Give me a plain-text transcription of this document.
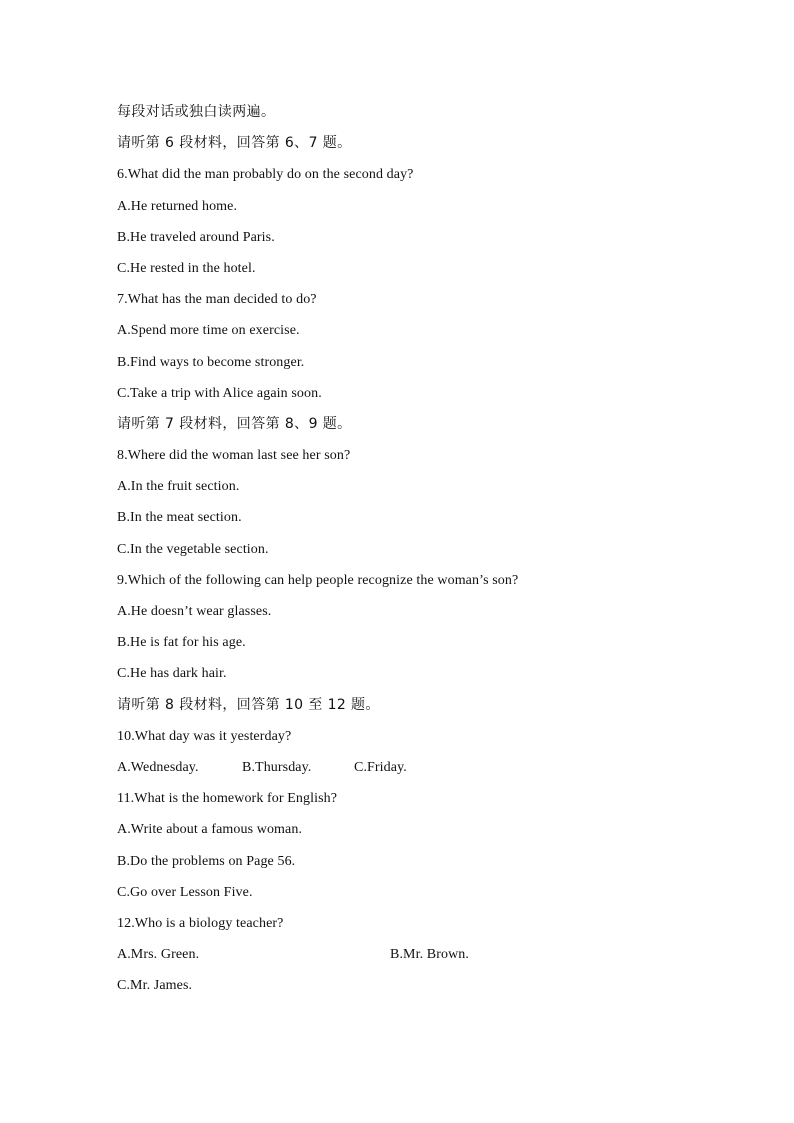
每段对话或独白读两遍。
请听第 6 段材料，回答第 6、7 题。
6.What did the man probably do on the second day?
A.He returned home.
B.He traveled around Paris.
C.He rested in the hotel.
7.What has the man decided to do?
A.Spend more time on exercise.
B.Find ways to become stronger.
C.Take a trip with Alice again soon.
请听第 7 段材料，回答第 8、9 题。
8.Where did the woman last see her son?
A.In the fruit section.
B.In the meat section.
C.In the vegetable section.
9.Which of the following can help people recognize the woman’s son?
A.He doesn’t wear glasses.
B.He is fat for his age.
C.He has dark hair.
请听第 8 段材料，回答第 10 至 12 题。
10.What day was it yesterday?

A.Wednesday.

	B.Thursday.

	C.Friday.

11.What is the homework for English?
A.Write about a famous woman.
B.Do the problems on Page 56.
C.Go over Lesson Five.
12.Who is a biology teacher?

A.Mrs. Green.

	B.Mr. Brown.

C.Mr. James.
